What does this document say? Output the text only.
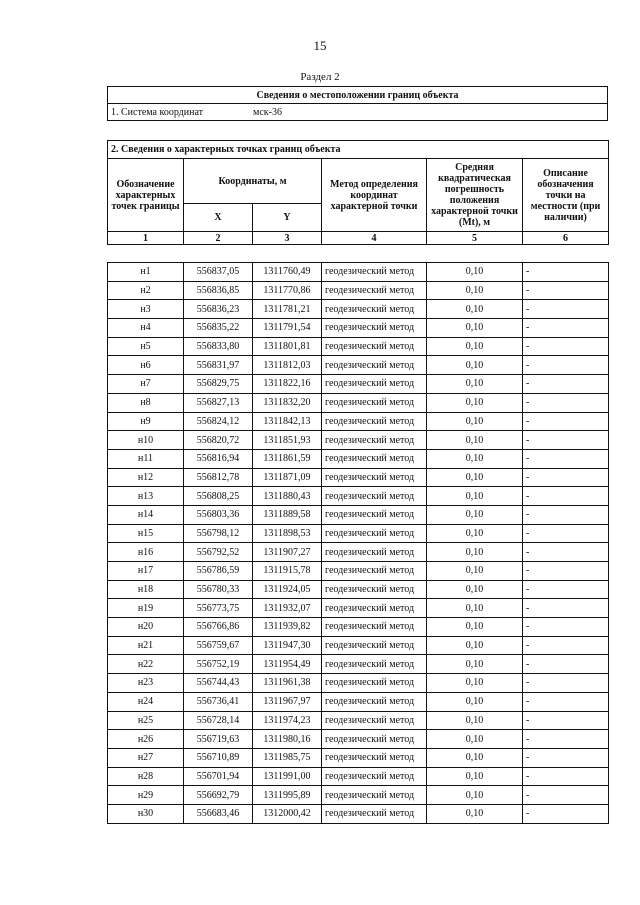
15
Раздел 2
Сведения о местоположении границ объекта
1. Система координат	мск-36
2. Сведения о характерных точках границ объекта					
Обозначение характерных точек границы	Координаты, м		Метод определения координат характерной точки	Средняя квадратическая погрешность положения характерной точки (Мt), м	Описание обозначения точки на местности (при наличии)
	X	Y			
1	2	3	4	5	6
н1	556837,05	1311760,49	геодезический метод	0,10	-
н2	556836,85	1311770,86	геодезический метод	0,10	-
н3	556836,23	1311781,21	геодезический метод	0,10	-
н4	556835,22	1311791,54	геодезический метод	0,10	-
н5	556833,80	1311801,81	геодезический метод	0,10	-
н6	556831,97	1311812,03	геодезический метод	0,10	-
н7	556829,75	1311822,16	геодезический метод	0,10	-
н8	556827,13	1311832,20	геодезический метод	0,10	-
н9	556824,12	1311842,13	геодезический метод	0,10	-
н10	556820,72	1311851,93	геодезический метод	0,10	-
н11	556816,94	1311861,59	геодезический метод	0,10	-
н12	556812,78	1311871,09	геодезический метод	0,10	-
н13	556808,25	1311880,43	геодезический метод	0,10	-
н14	556803,36	1311889,58	геодезический метод	0,10	-
н15	556798,12	1311898,53	геодезический метод	0,10	-
н16	556792,52	1311907,27	геодезический метод	0,10	-
н17	556786,59	1311915,78	геодезический метод	0,10	-
н18	556780,33	1311924,05	геодезический метод	0,10	-
н19	556773,75	1311932,07	геодезический метод	0,10	-
н20	556766,86	1311939,82	геодезический метод	0,10	-
н21	556759,67	1311947,30	геодезический метод	0,10	-
н22	556752,19	1311954,49	геодезический метод	0,10	-
н23	556744,43	1311961,38	геодезический метод	0,10	-
н24	556736,41	1311967,97	геодезический метод	0,10	-
н25	556728,14	1311974,23	геодезический метод	0,10	-
н26	556719,63	1311980,16	геодезический метод	0,10	-
н27	556710,89	1311985,75	геодезический метод	0,10	-
н28	556701,94	1311991,00	геодезический метод	0,10	-
н29	556692,79	1311995,89	геодезический метод	0,10	-
н30	556683,46	1312000,42	геодезический метод	0,10	-
